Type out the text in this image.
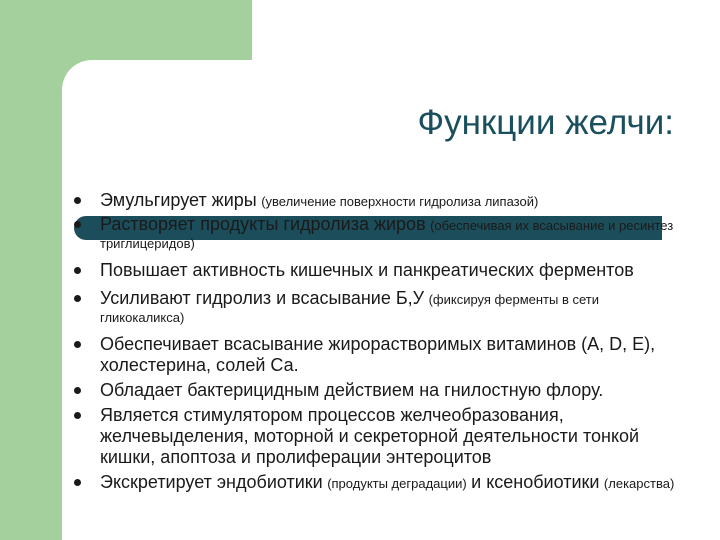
Функции желчи:
Эмульгирует жиры (увеличение поверхности гидролиза липазой)
Растворяет продукты гидролиза жиров (обеспечивая их всасывание и ресинтез триглицеридов)
Повышает активность кишечных и панкреатических ферментов
Усиливают гидролиз и всасывание Б,У (фиксируя ферменты в сети гликокаликса)
Обеспечивает всасывание жирорастворимых витаминов (А, D, Е), холестерина, солей Са.
Обладает бактерицидным действием на гнилостную флору.
Является стимулятором процессов желчеобразования, желчевыделения, моторной и секреторной деятельности тонкой кишки, апоптоза и пролиферации энтероцитов
Экскретирует эндобиотики (продукты деградации) и ксенобиотики (лекарства)
